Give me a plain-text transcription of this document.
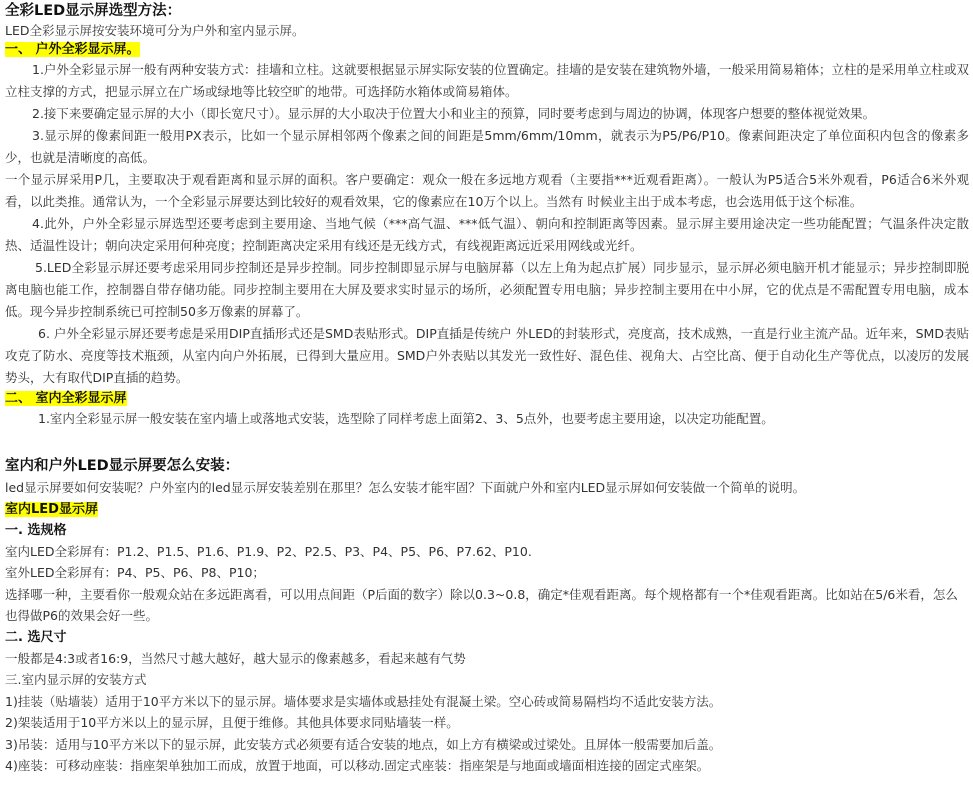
全彩LED显示屏选型方法：

LED全彩显示屏按安装环境可分为户外和室内显示屏。

一、 户外全彩显示屏。

1.户外全彩显示屏一般有两种安装方式：挂墙和立柱。这就要根据显示屏实际安装的位置确定。挂墙的是安装在建筑物外墙，一般采用简易箱体；立柱的是采用单立柱或双立柱支撑的方式，把显示屏立在广场或绿地等比较空旷的地带。可选择防水箱体或简易箱体。

2.接下来要确定显示屏的大小（即长宽尺寸）。显示屏的大小取决于位置大小和业主的预算，同时要考虑到与周边的协调，体现客户想要的整体视觉效果。

3.显示屏的像素间距一般用PX表示，比如一个显示屏相邻两个像素之间的间距是5mm/6mm/10mm，就表示为P5/P6/P10。像素间距决定了单位面积内包含的像素多少，也就是清晰度的高低。

一个显示屏采用P几，主要取决于观看距离和显示屏的面积。客户要确定：观众一般在多远地方观看（主要指***近观看距离）。一般认为P5适合5米外观看，P6适合6米外观看，以此类推。通常认为，一个全彩显示屏要达到比较好的观看效果，它的像素应在10万个以上。当然有 时候业主出于成本考虑，也会选用低于这个标准。

4.此外，户外全彩显示屏选型还要考虑到主要用途、当地气候（***高气温、***低气温）、朝向和控制距离等因素。显示屏主要用途决定一些功能配置；气温条件决定散热、适温性设计；朝向决定采用何种亮度；控制距离决定采用有线还是无线方式，有线视距离远近采用网线或光纤。

5.LED全彩显示屏还要考虑采用同步控制还是异步控制。同步控制即显示屏与电脑屏幕（以左上角为起点扩展）同步显示，显示屏必须电脑开机才能显示；异步控制即脱离电脑也能工作，控制器自带存储功能。同步控制主要用在大屏及要求实时显示的场所，必须配置专用电脑；异步控制主要用在中小屏，它的优点是不需配置专用电脑，成本低。现今异步控制系统已可控制50多万像素的屏幕了。

6. 户外全彩显示屏还要考虑是采用DIP直插形式还是SMD表贴形式。DIP直插是传统户 外LED的封装形式，亮度高，技术成熟，一直是行业主流产品。近年来，SMD表贴攻克了防水、亮度等技术瓶颈，从室内向户外拓展，已得到大量应用。SMD户外表贴以其发光一致性好、混色佳、视角大、占空比高、便于自动化生产等优点，以凌厉的发展势头，大有取代DIP直插的趋势。

二、 室内全彩显示屏

1.室内全彩显示屏一般安装在室内墙上或落地式安装，选型除了同样考虑上面第2、3、5点外，也要考虑主要用途，以决定功能配置。

室内和户外LED显示屏要怎么安装：

led显示屏要如何安装呢？户外室内的led显示屏安装差别在那里？怎么安装才能牢固？下面就户外和室内LED显示屏如何安装做一个简单的说明。

室内LED显示屏

一. 选规格

室内LED全彩屏有：P1.2、P1.5、P1.6、P1.9、P2、P2.5、P3、P4、P5、P6、P7.62、P10.

室外LED全彩屏有：P4、P5、P6、P8、P10；

选择哪一种，主要看你一般观众站在多远距离看，可以用点间距（P后面的数字）除以0.3~0.8，确定*佳观看距离。每个规格都有一个*佳观看距离。比如站在5/6米看，怎么也得做P6的效果会好一些。

二. 选尺寸

一般都是4:3或者16:9，当然尺寸越大越好，越大显示的像素越多，看起来越有气势

三.室内显示屏的安装方式

1)挂装（贴墙装）适用于10平方米以下的显示屏。墙体要求是实墙体或悬挂处有混凝土梁。空心砖或简易隔档均不适此安装方法。

2)架装适用于10平方米以上的显示屏，且便于维修。其他具体要求同贴墙装一样。

3)吊装：适用与10平方米以下的显示屏，此安装方式必须要有适合安装的地点，如上方有横梁或过梁处。且屏体一般需要加后盖。

4)座装：可移动座装：指座架单独加工而成，放置于地面，可以移动.固定式座装：指座架是与地面或墙面相连接的固定式座架。
